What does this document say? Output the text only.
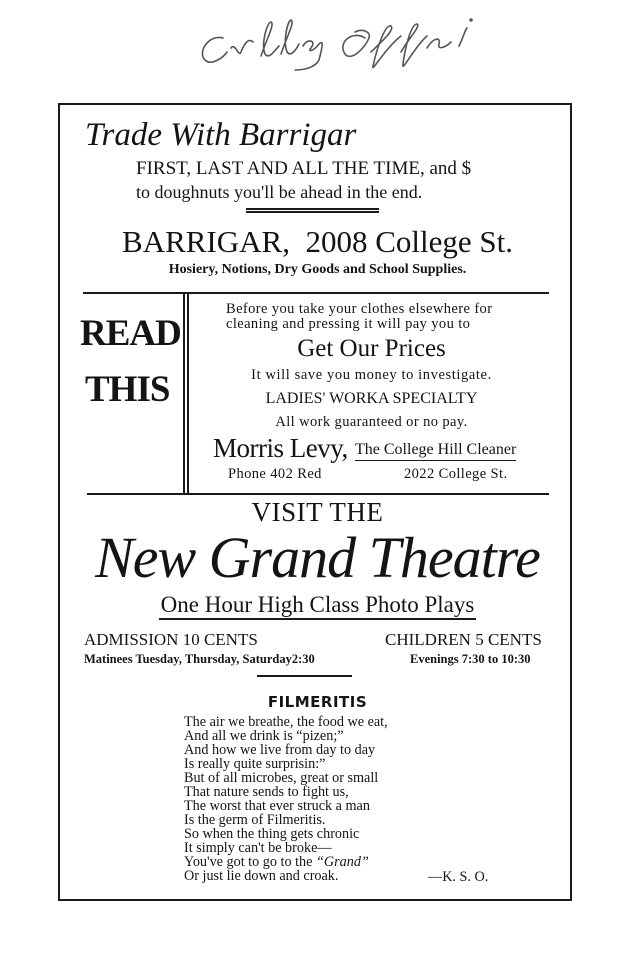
Trade With Barrigar
FIRST, LAST AND ALL THE TIME, and $
to doughnuts you'll be ahead in the end.
BARRIGAR,  2008 College St.
Hosiery, Notions, Dry Goods and School Supplies.
READ
THIS
Before you take your clothes elsewhere for
cleaning and pressing it will pay you to
Get Our Prices
It will save you money to investigate.
LADIES' WORKA SPECIALTY
All work guaranteed or no pay.
Morris Levy, The College Hill Cleaner
Phone 402 Red	2022 College St.
VISIT THE
New Grand Theatre
One Hour High Class Photo Plays
ADMISSION 10 CENTS	CHILDREN 5 CENTS
Matinees Tuesday, Thursday, Saturday2:30	Evenings 7:30 to 10:30
FILMERITIS
The air we breathe, the food we eat,
And all we drink is “pizen;”
And how we live from day to day
Is really quite surprisin:”
But of all microbes, great or small
That nature sends to fight us,
The worst that ever struck a man
Is the germ of Filmeritis.
So when the thing gets chronic
It simply can't be broke—
You've got to go to the “Grand”
Or just lie down and croak.	—K. S. O.
